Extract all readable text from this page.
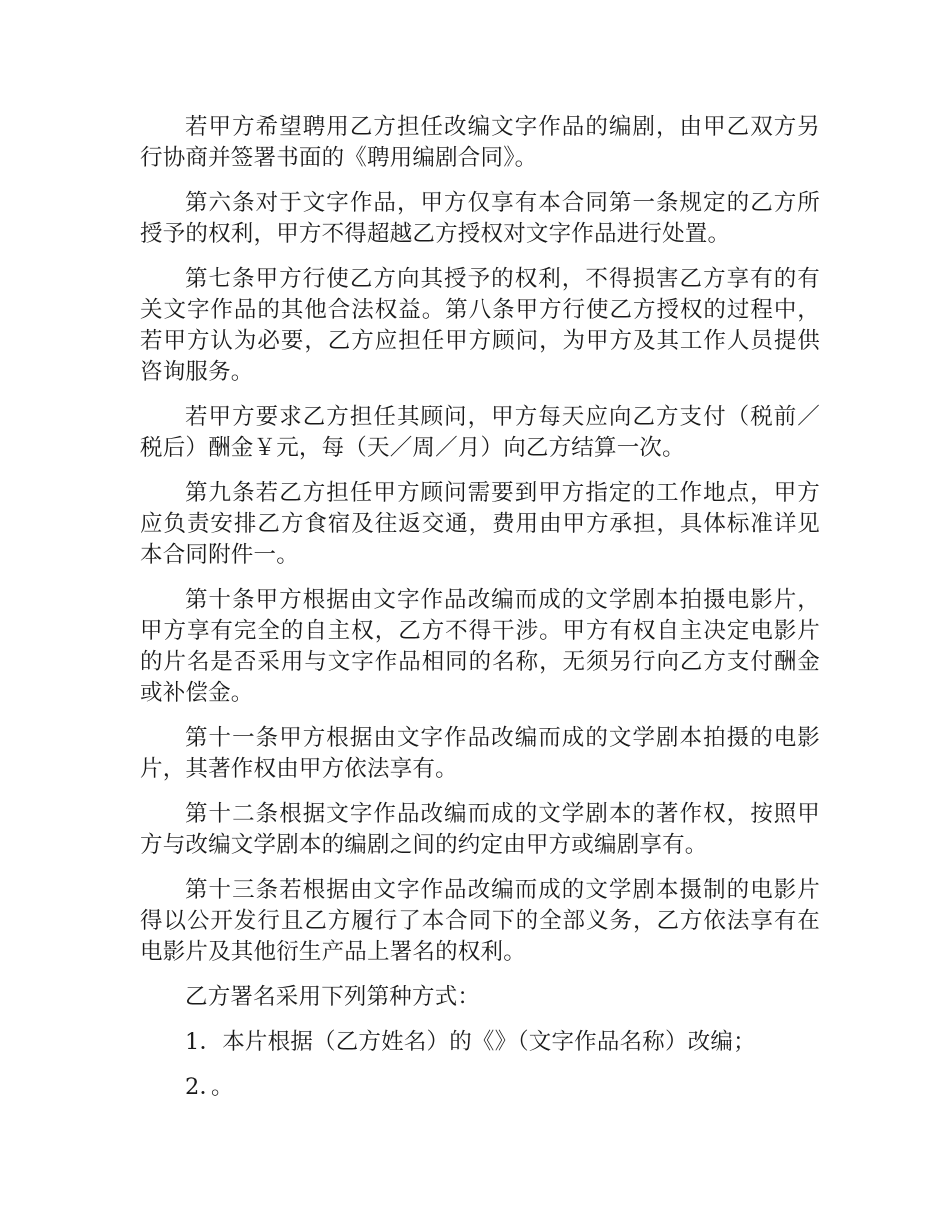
若甲方希望聘用乙方担任改编文字作品的编剧，由甲乙双方另行协商并签署书面的《聘用编剧合同》。

第六条对于文字作品，甲方仅享有本合同第一条规定的乙方所授予的权利，甲方不得超越乙方授权对文字作品进行处置。

第七条甲方行使乙方向其授予的权利，不得损害乙方享有的有关文字作品的其他合法权益。第八条甲方行使乙方授权的过程中，若甲方认为必要，乙方应担任甲方顾问，为甲方及其工作人员提供咨询服务。

若甲方要求乙方担任其顾问，甲方每天应向乙方支付（税前／税后）酬金￥元，每（天／周／月）向乙方结算一次。

第九条若乙方担任甲方顾问需要到甲方指定的工作地点，甲方应负责安排乙方食宿及往返交通，费用由甲方承担，具体标准详见本合同附件一。

第十条甲方根据由文字作品改编而成的文学剧本拍摄电影片，甲方享有完全的自主权，乙方不得干涉。甲方有权自主决定电影片的片名是否采用与文字作品相同的名称，无须另行向乙方支付酬金或补偿金。

第十一条甲方根据由文字作品改编而成的文学剧本拍摄的电影片，其著作权由甲方依法享有。

第十二条根据文字作品改编而成的文学剧本的著作权，按照甲方与改编文学剧本的编剧之间的约定由甲方或编剧享有。

第十三条若根据由文字作品改编而成的文学剧本摄制的电影片得以公开发行且乙方履行了本合同下的全部义务，乙方依法享有在电影片及其他衍生产品上署名的权利。

乙方署名采用下列第种方式：

1．本片根据（乙方姓名）的《》（文字作品名称）改编；

2．。
